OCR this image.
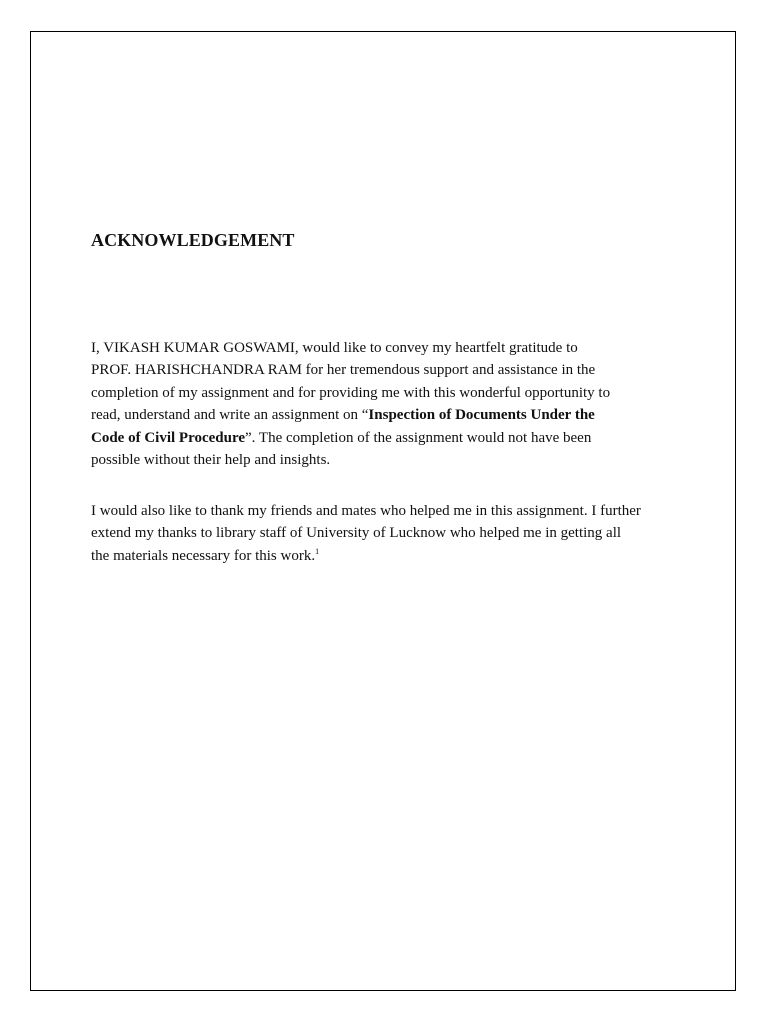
ACKNOWLEDGEMENT

I, VIKASH KUMAR GOSWAMI, would like to convey my heartfelt gratitude to
PROF. HARISHCHANDRA RAM for her tremendous support and assistance in the
completion of my assignment and for providing me with this wonderful opportunity to
read, understand and write an assignment on “Inspection of Documents Under the
Code of Civil Procedure”. The completion of the assignment would not have been
possible without their help and insights.

I would also like to thank my friends and mates who helped me in this assignment. I further
extend my thanks to library staff of University of Lucknow who helped me in getting all
the materials necessary for this work.$^1$
